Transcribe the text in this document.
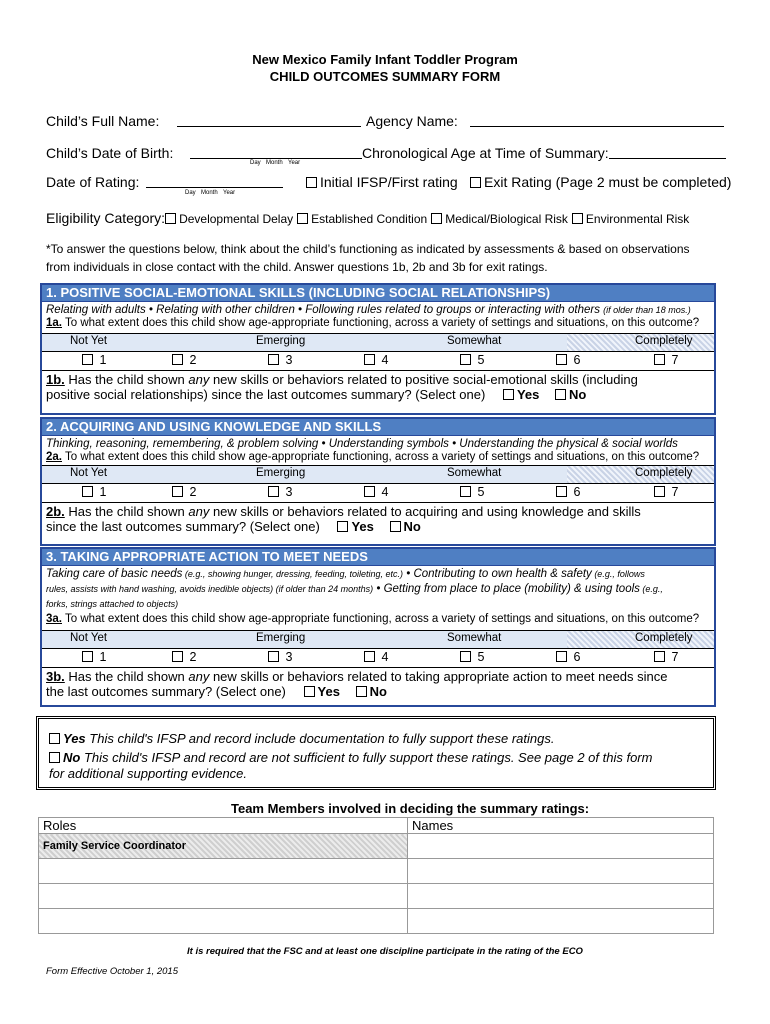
New Mexico Family Infant Toddler Program
CHILD OUTCOMES SUMMARY FORM
Child’s Full Name:	Agency Name:
Child’s Date of Birth:	Chronological Age at Time of Summary:
Day Month Year
Date of Rating:
Day Month Year
Initial IFSP/First rating	Exit Rating (Page 2 must be completed)
Eligibility Category: Developmental Delay Established Condition Medical/Biological Risk Environmental Risk
*To answer the questions below, think about the child’s functioning as indicated by assessments & based on observations
from individuals in close contact with the child. Answer questions 1b, 2b and 3b for exit ratings.
1. POSITIVE SOCIAL-EMOTIONAL SKILLS (INCLUDING SOCIAL RELATIONSHIPS)
Relating with adults • Relating with other children • Following rules related to groups or interacting with others (if older than 18 mos.)
1a. To what extent does this child show age-appropriate functioning, across a variety of settings and situations, on this outcome?
Not Yet	Emerging	Somewhat	Completely
1	2	3	4	5	6	7
1b. Has the child shown any new skills or behaviors related to positive social-emotional skills (including
positive social relationships) since the last outcomes summary? (Select one) Yes No
2. ACQUIRING AND USING KNOWLEDGE AND SKILLS
Thinking, reasoning, remembering, & problem solving • Understanding symbols • Understanding the physical & social worlds
2a. To what extent does this child show age-appropriate functioning, across a variety of settings and situations, on this outcome?
Not Yet	Emerging	Somewhat	Completely
1	2	3	4	5	6	7
2b. Has the child shown any new skills or behaviors related to acquiring and using knowledge and skills
since the last outcomes summary? (Select one) Yes No
3. TAKING APPROPRIATE ACTION TO MEET NEEDS
Taking care of basic needs (e.g., showing hunger, dressing, feeding, toileting, etc.) • Contributing to own health & safety (e.g., follows
rules, assists with hand washing, avoids inedible objects) (if older than 24 months) • Getting from place to place (mobility) & using tools (e.g.,
forks, strings attached to objects)
3a. To what extent does this child show age-appropriate functioning, across a variety of settings and situations, on this outcome?
Not Yet	Emerging	Somewhat	Completely
1	2	3	4	5	6	7
3b. Has the child shown any new skills or behaviors related to taking appropriate action to meet needs since
the last outcomes summary? (Select one) Yes No
Yes This child's IFSP and record include documentation to fully support these ratings.
No This child's IFSP and record are not sufficient to fully support these ratings. See page 2 of this form
for additional supporting evidence.
Team Members involved in deciding the summary ratings:
Roles	Names
Family Service Coordinator	

It is required that the FSC and at least one discipline participate in the rating of the ECO
Form Effective October 1, 2015
